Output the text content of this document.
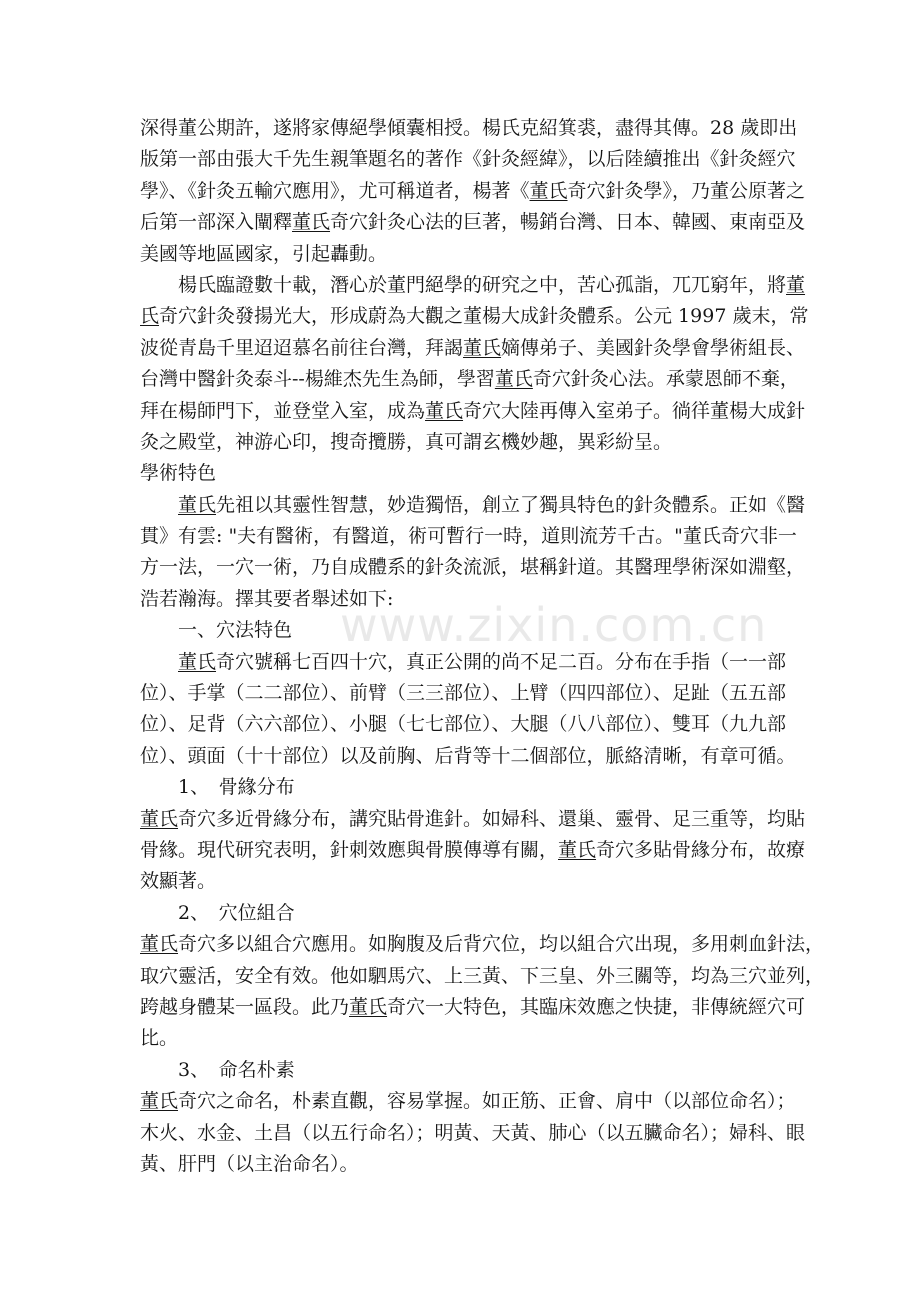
深得董公期許，遂將家傳絕學傾囊相授。楊氏克紹箕裘，盡得其傳。28 歲即出
版第一部由張大千先生親筆題名的著作《針灸經緯》，以后陸續推出《針灸經穴
學》、《針灸五輸穴應用》，尤可稱道者，楊著《董氏奇穴針灸學》，乃董公原著之
后第一部深入闡釋董氏奇穴針灸心法的巨著，暢銷台灣、日本、韓國、東南亞及
美國等地區國家，引起轟動。
楊氏臨證數十載，潛心於董門絕學的研究之中，苦心孤詣，兀兀窮年，將董
氏奇穴針灸發揚光大，形成蔚為大觀之董楊大成針灸體系。公元 1997 歲末，常
波從青島千里迢迢慕名前往台灣，拜謁董氏嫡傳弟子、美國針灸學會學術組長、
台灣中醫針灸泰斗--楊維杰先生為師，學習董氏奇穴針灸心法。承蒙恩師不棄，
拜在楊師門下，並登堂入室，成為董氏奇穴大陸再傳入室弟子。徜徉董楊大成針
灸之殿堂，神游心印，搜奇攬勝，真可謂玄機妙趣，異彩紛呈。
學術特色
董氏先祖以其靈性智慧，妙造獨悟，創立了獨具特色的針灸體系。正如《醫
貫》有雲: "夫有醫術，有醫道，術可暫行一時，道則流芳千古。"董氏奇穴非一
方一法，一穴一術，乃自成體系的針灸流派，堪稱針道。其醫理學術深如淵壑，
浩若瀚海。擇其要者舉述如下:
一、穴法特色
董氏奇穴號稱七百四十穴，真正公開的尚不足二百。分布在手指（一一部
位）、手掌（二二部位）、前臂（三三部位）、上臂（四四部位）、足趾（五五部
位）、足背（六六部位）、小腿（七七部位）、大腿（八八部位）、雙耳（九九部
位）、頭面（十十部位）以及前胸、后背等十二個部位，脈絡清晰，有章可循。
1、　骨緣分布
董氏奇穴多近骨緣分布，講究貼骨進針。如婦科、還巢、靈骨、足三重等，均貼
骨緣。現代研究表明，針刺效應與骨膜傳導有關，董氏奇穴多貼骨緣分布，故療
效顯著。
2、　穴位組合
董氏奇穴多以組合穴應用。如胸腹及后背穴位，均以組合穴出現，多用刺血針法，
取穴靈活，安全有效。他如駟馬穴、上三黃、下三皇、外三關等，均為三穴並列，
跨越身體某一區段。此乃董氏奇穴一大特色，其臨床效應之快捷，非傳統經穴可
比。
3、　命名朴素
董氏奇穴之命名，朴素直觀，容易掌握。如正筋、正會、肩中（以部位命名）；
木火、水金、土昌（以五行命名）；明黃、天黃、肺心（以五臟命名）；婦科、眼
黃、肝門（以主治命名）。
www.zixin.com.cn
